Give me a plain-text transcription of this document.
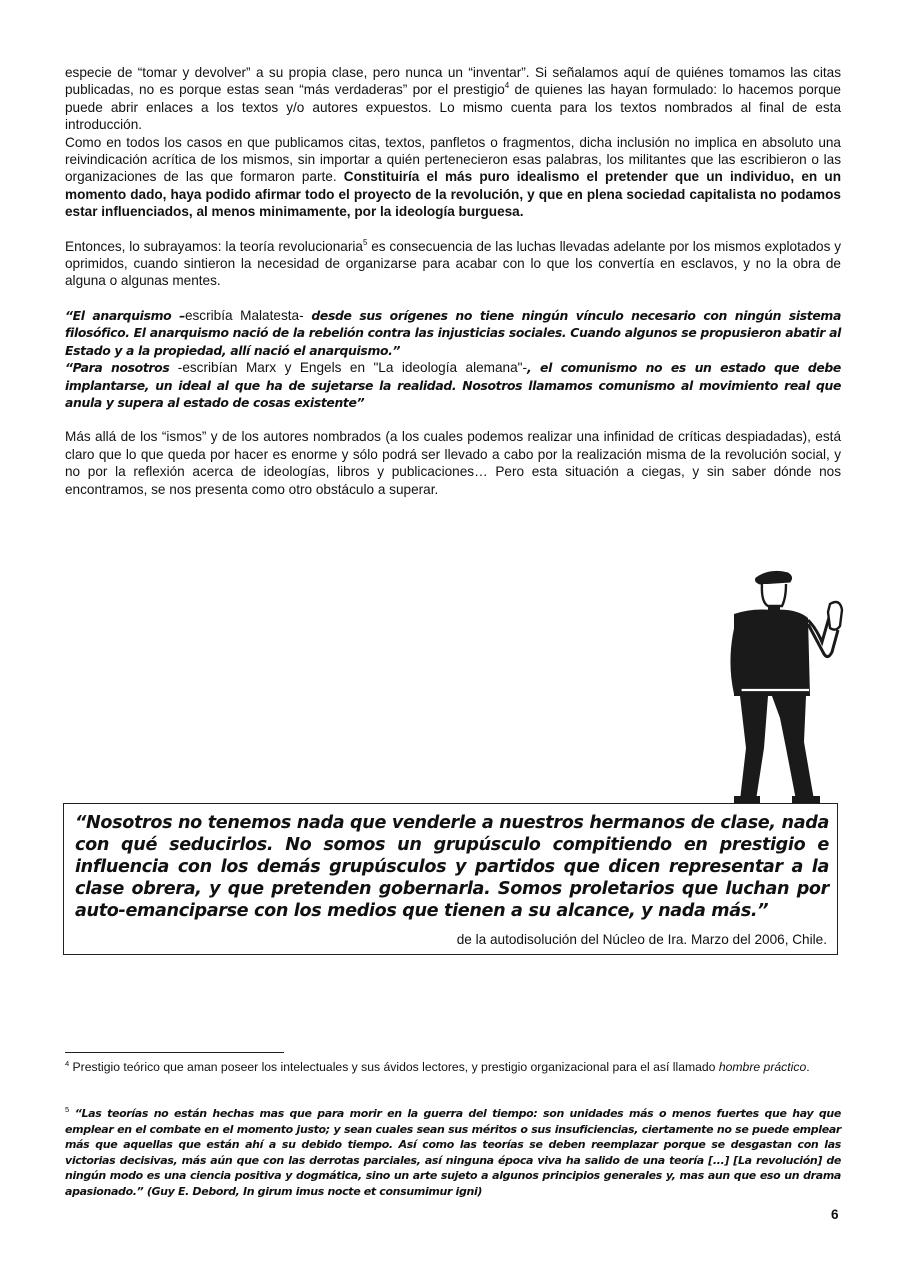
especie de “tomar y devolver” a su propia clase, pero nunca un “inventar”. Si señalamos aquí de quiénes tomamos las citas publicadas, no es porque estas sean “más verdaderas” por el prestigio$^4$ de quienes las hayan formulado: lo hacemos porque puede abrir enlaces a los textos y/o autores expuestos. Lo mismo cuenta para los textos nombrados al final de esta introducción.

Como en todos los casos en que publicamos citas, textos, panfletos o fragmentos, dicha inclusión no implica en absoluto una reivindicación acrítica de los mismos, sin importar a quién pertenecieron esas palabras, los militantes que las escribieron o las organizaciones de las que formaron parte. Constituiría el más puro idealismo el pretender que un individuo, en un momento dado, haya podido afirmar todo el proyecto de la revolución, y que en plena sociedad capitalista no podamos estar influenciados, al menos minimamente, por la ideología burguesa.

Entonces, lo subrayamos: la teoría revolucionaria$^5$ es consecuencia de las luchas llevadas adelante por los mismos explotados y oprimidos, cuando sintieron la necesidad de organizarse para acabar con lo que los convertía en esclavos, y no la obra de alguna o algunas mentes.

“El anarquismo –escribía Malatesta- desde sus orígenes no tiene ningún vínculo necesario con ningún sistema filosófico. El anarquismo nació de la rebelión contra las injusticias sociales. Cuando algunos se propusieron abatir al Estado y a la propiedad, allí nació el anarquismo.”

“Para nosotros -escribían Marx y Engels en "La ideología alemana"-, el comunismo no es un estado que debe implantarse, un ideal al que ha de sujetarse la realidad. Nosotros llamamos comunismo al movimiento real que anula y supera al estado de cosas existente”

Más allá de los “ismos” y de los autores nombrados (a los cuales podemos realizar una infinidad de críticas despiadadas), está claro que lo que queda por hacer es enorme y sólo podrá ser llevado a cabo por la realización misma de la revolución social, y no por la reflexión acerca de ideologías, libros y publicaciones… Pero esta situación a ciegas, y sin saber dónde nos encontramos, se nos presenta como otro obstáculo a superar.

“Nosotros no tenemos nada que venderle a nuestros hermanos de clase, nada con qué seducirlos. No somos un grupúsculo compitiendo en prestigio e influencia con los demás grupúsculos y partidos que dicen representar a la clase obrera, y que pretenden gobernarla. Somos proletarios que luchan por auto-emanciparse con los medios que tienen a su alcance, y nada más.”

de la autodisolución del Núcleo de Ira. Marzo del 2006, Chile.

$^4$ Prestigio teórico que aman poseer los intelectuales y sus ávidos lectores, y prestigio organizacional para el así llamado hombre práctico.

$^5$ “Las teorías no están hechas mas que para morir en la guerra del tiempo: son unidades más o menos fuertes que hay que emplear en el combate en el momento justo; y sean cuales sean sus méritos o sus insuficiencias, ciertamente no se puede emplear más que aquellas que están ahí a su debido tiempo. Así como las teorías se deben reemplazar porque se desgastan con las victorias decisivas, más aún que con las derrotas parciales, así ninguna época viva ha salido de una teoría [...] [La revolución] de ningún modo es una ciencia positiva y dogmática, sino un arte sujeto a algunos principios generales y, mas aun que eso un drama apasionado.” (Guy E. Debord, In girum imus nocte et consumimur igni)

6
